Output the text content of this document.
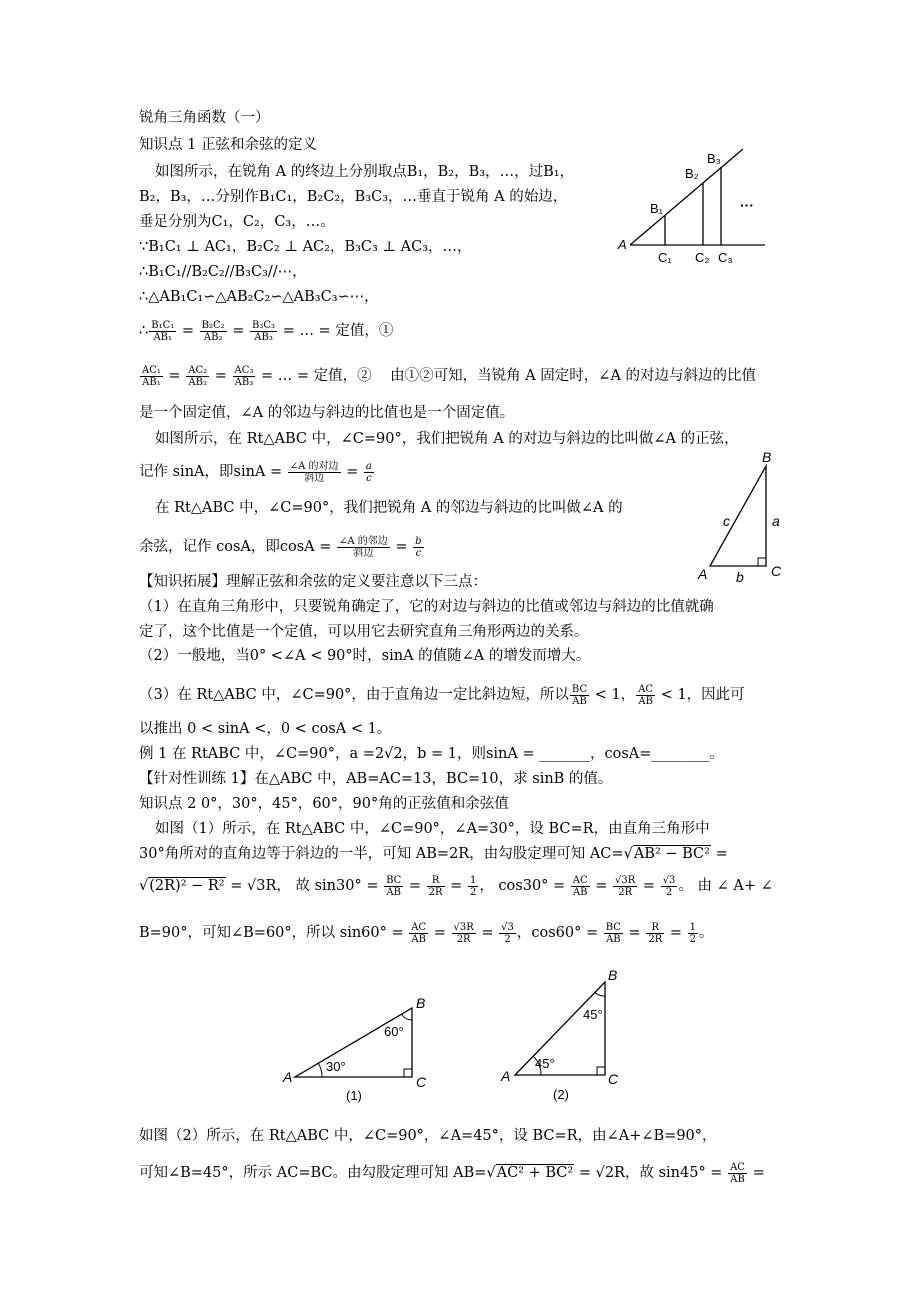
锐角三角函数（一）
知识点 1 正弦和余弦的定义
如图所示，在锐角 A 的终边上分别取点B₁，B₂，B₃，…，过B₁，
B₂，B₃，…分别作B₁C₁，B₂C₂，B₃C₃，…垂直于锐角 A 的始边，
垂足分别为C₁，C₂，C₃，…。
∵B₁C₁ ⊥ AC₁，B₂C₂ ⊥ AC₂，B₃C₃ ⊥ AC₃，…，
∴B₁C₁//B₂C₂//B₃C₃//⋯，
∴△AB₁C₁∽△AB₂C₂∽△AB₃C₃∽⋯，
∴ $\frac{\text{B₁C₁}}{\text{AB₁}} = \frac{\text{B₂C₂}}{\text{AB₂}} = \frac{\text{B₃C₃}}{\text{AB₃}}$ = … = 定值，①
$\frac{\text{AC₁}}{\text{AB₁}} = \frac{\text{AC₂}}{\text{AB₂}} = \frac{\text{AC₃}}{\text{AB₃}}$ = … = 定值，② 由①②可知，当锐角 A 固定时，∠A 的对边与斜边的比值
是一个固定值，∠A 的邻边与斜边的比值也是一个固定值。
如图所示，在 Rt△ABC 中，∠C=90°，我们把锐角 A 的对边与斜边的比叫做∠A 的正弦，
记作 sinA，即$\sin A = \frac{\text{∠A 的对边}}{\text{斜边}} = \frac{a}{c}$
在 Rt△ABC 中，∠C=90°，我们把锐角 A 的邻边与斜边的比叫做∠A 的
余弦，记作 cosA，即$\cos A = \frac{\text{∠A 的邻边}}{\text{斜边}} = \frac{b}{c}$
【知识拓展】理解正弦和余弦的定义要注意以下三点：
（1）在直角三角形中，只要锐角确定了，它的对边与斜边的比值或邻边与斜边的比值就确
定了，这个比值是一个定值，可以用它去研究直角三角形两边的关系。
（2）一般地，当0° <∠A < 90°时，sinA 的值随∠A 的增发而增大。
（3）在 Rt△ABC 中，∠C=90°，由于直角边一定比斜边短，所以 $\frac{BC}{AB} < 1$， $\frac{AC}{AB} < 1$，因此可
以推出 0 < sinA <，0 < cosA < 1。
例 1 在 RtABC 中，∠C=90°，a =2√2，b = 1，则sinA = _______，cosA=________。
【针对性训练 1】在△ABC 中，AB=AC=13，BC=10，求 sinB 的值。
知识点 2 0°，30°，45°，60°，90°角的正弦值和余弦值
如图（1）所示，在 Rt△ABC 中，∠C=90°，∠A=30°，设 BC=R，由直角三角形中
30°角所对的直角边等于斜边的一半，可知 AB=2R，由勾股定理可知 AC=√AB² − BC² =
√(2R)² − R² = √3R， 故 $\sin 30^\circ = \frac{BC}{AB} = \frac{R}{2R} = \frac{1}{2}$ ， $\cos 30^\circ = \frac{AC}{AB} = \frac{√3R}{2R} = \frac{√3}{2}$ 。 由 ∠ A+ ∠
B=90°，可知∠B=60°，所以 $\sin 60^\circ = \frac{AC}{AB} = \frac{√3R}{2R} = \frac{√3}{2}$ ，$\cos 60^\circ = \frac{BC}{AB} = \frac{R}{2R} = \frac{1}{2}$ 。
如图（2）所示，在 Rt△ABC 中，∠C=90°，∠A=45°，设 BC=R，由∠A+∠B=90°，
可知∠B=45°，所示 AC=BC。由勾股定理可知 AB=√AC² + BC² = √2R，故 $\sin 45^\circ = \frac{AC}{AB}$ =
A
B₁
B₂
B₃
C₁ C₂ C₃
···
A
B
C
a
b
c
A
B
C
30°
60°
(1)
A
B
C
45°
45°
(2)
